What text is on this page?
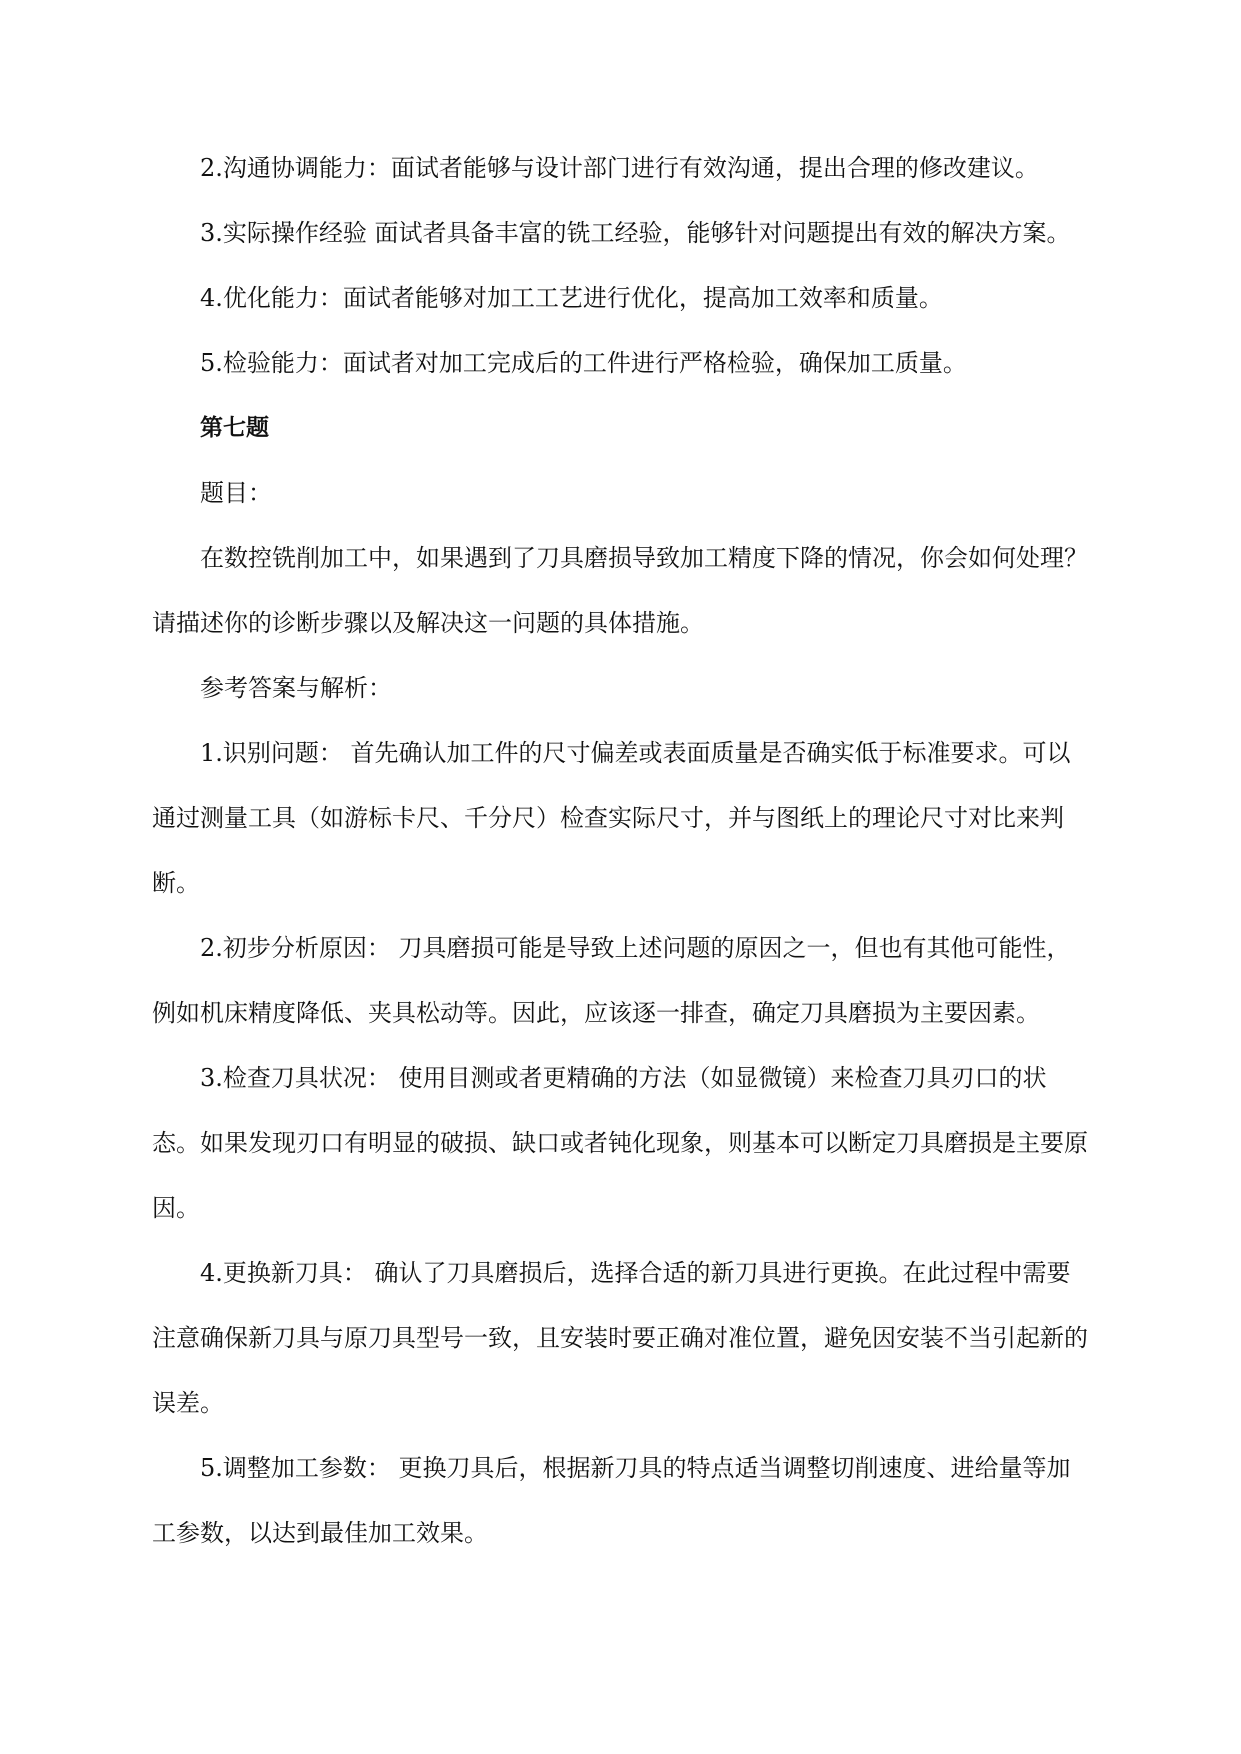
2.沟通协调能力：面试者能够与设计部门进行有效沟通，提出合理的修改建议。

3.实际操作经验 面试者具备丰富的铣工经验，能够针对问题提出有效的解决方案。

4.优化能力：面试者能够对加工工艺进行优化，提高加工效率和质量。

5.检验能力：面试者对加工完成后的工件进行严格检验，确保加工质量。

第七题

题目：

在数控铣削加工中，如果遇到了刀具磨损导致加工精度下降的情况，你会如何处理？请描述你的诊断步骤以及解决这一问题的具体措施。

参考答案与解析：

1.识别问题： 首先确认加工件的尺寸偏差或表面质量是否确实低于标准要求。可以通过测量工具（如游标卡尺、千分尺）检查实际尺寸，并与图纸上的理论尺寸对比来判断。

2.初步分析原因： 刀具磨损可能是导致上述问题的原因之一，但也有其他可能性，例如机床精度降低、夹具松动等。因此，应该逐一排查，确定刀具磨损为主要因素。

3.检查刀具状况： 使用目测或者更精确的方法（如显微镜）来检查刀具刃口的状态。如果发现刃口有明显的破损、缺口或者钝化现象，则基本可以断定刀具磨损是主要原因。

4.更换新刀具： 确认了刀具磨损后，选择合适的新刀具进行更换。在此过程中需要注意确保新刀具与原刀具型号一致，且安装时要正确对准位置，避免因安装不当引起新的误差。

5.调整加工参数： 更换刀具后，根据新刀具的特点适当调整切削速度、进给量等加工参数，以达到最佳加工效果。
